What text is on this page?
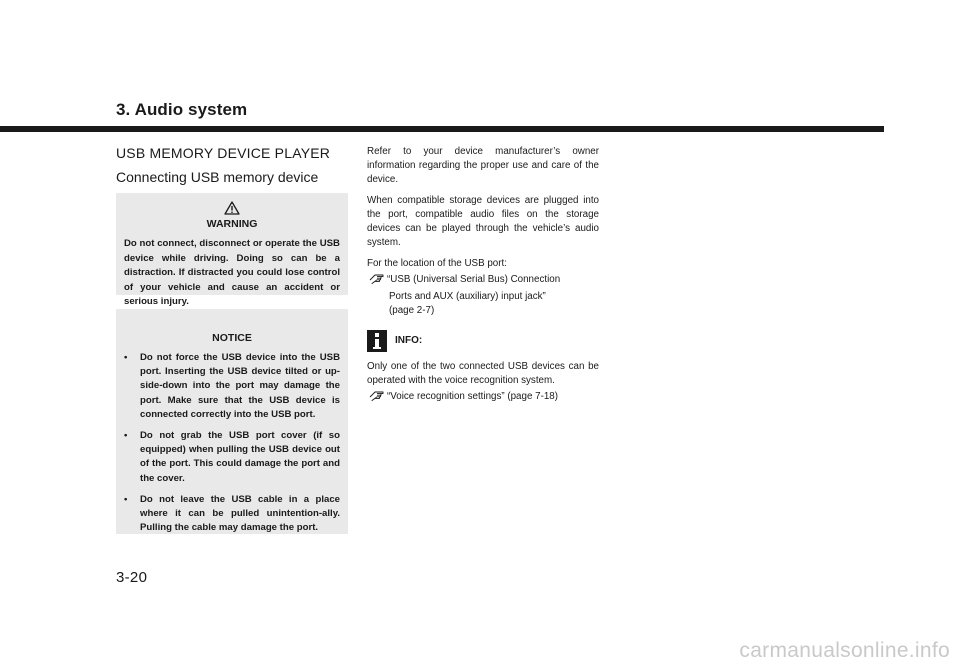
3. Audio system
USB MEMORY DEVICE PLAYER
Connecting USB memory device
WARNING
Do not connect, disconnect or operate the USB device while driving. Doing so can be a distraction. If distracted you could lose control of your vehicle and cause an accident or serious injury.
NOTICE
•	Do not force the USB device into the USB port. Inserting the USB device tilted or up-side-down into the port may damage the port. Make sure that the USB device is connected correctly into the USB port.
•	Do not grab the USB port cover (if so equipped) when pulling the USB device out of the port. This could damage the port and the cover.
•	Do not leave the USB cable in a place where it can be pulled unintention-ally. Pulling the cable may damage the port.
3-20

Refer to your device manufacturer’s owner information regarding the proper use and care of the device.

When compatible storage devices are plugged into the port, compatible audio files on the storage devices can be played through the vehicle’s audio system.

For the location of the USB port:

“USB (Universal Serial Bus) Connection
Ports and AUX (auxiliary) input jack”
(page 2-7)
INFO:

Only one of the two connected USB devices can be operated with the voice recognition system.

“Voice recognition settings” (page 7-18)
carmanualsonline.info
